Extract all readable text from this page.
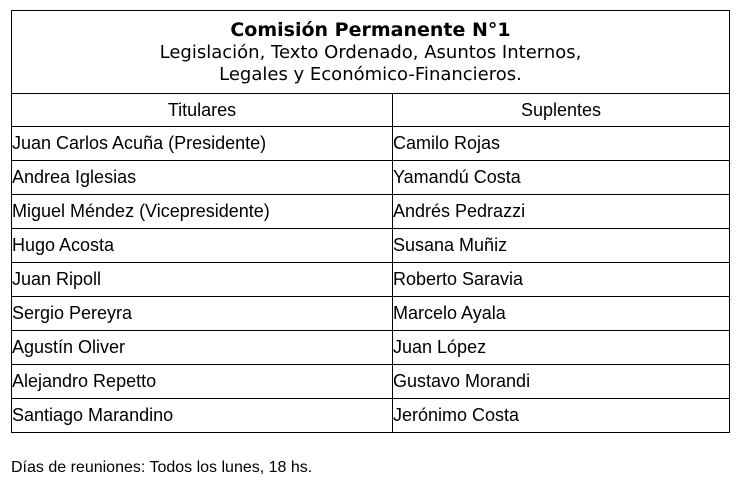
Comisión Permanente N°1
Legislación, Texto Ordenado, Asuntos Internos,
Legales y Económico-Financieros.	

Titulares	Suplentes
Juan Carlos Acuña (Presidente)	Camilo Rojas
Andrea Iglesias	Yamandú Costa
Miguel Méndez (Vicepresidente)	Andrés Pedrazzi
Hugo Acosta	Susana Muñiz
Juan Ripoll	Roberto Saravia
Sergio Pereyra	Marcelo Ayala
Agustín Oliver	Juan López
Alejandro Repetto	Gustavo Morandi
Santiago Marandino	Jerónimo Costa
Días de reuniones: Todos los lunes, 18 hs.
